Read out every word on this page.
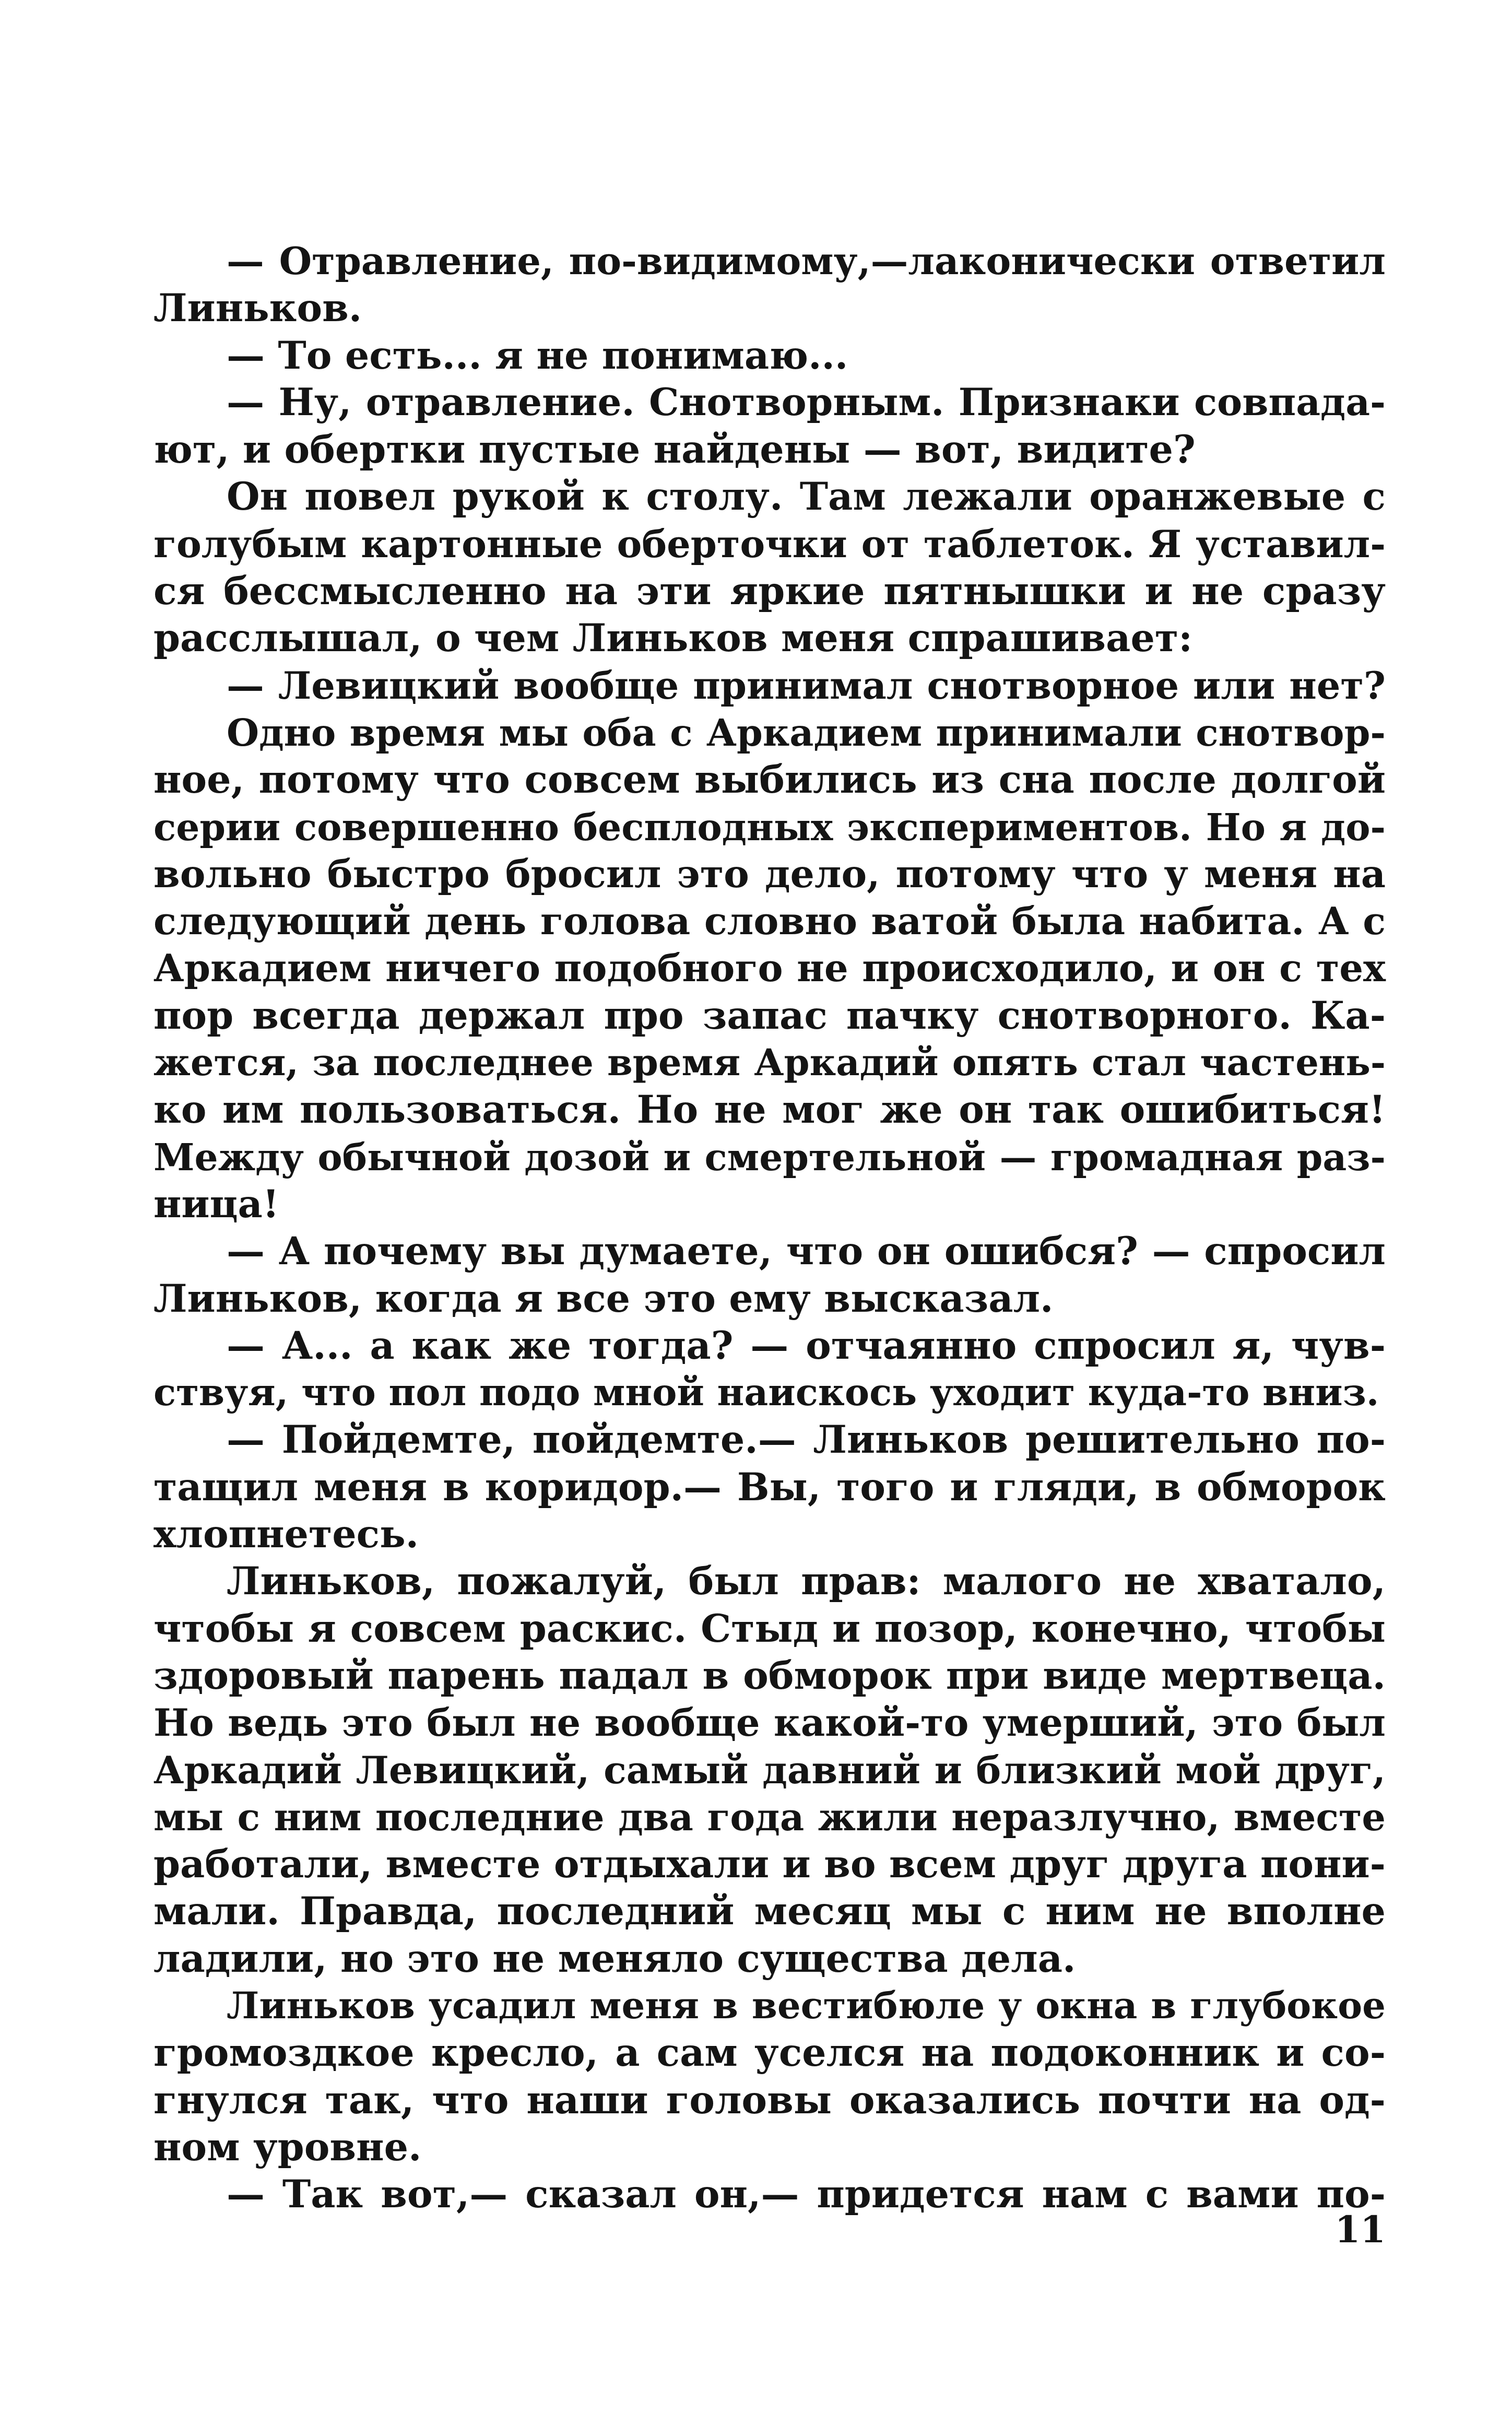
— Отравление, по-видимому,—лаконически ответил
Линьков.
— То есть... я не понимаю...
— Ну, отравление. Снотворным. Признаки совпада-
ют, и обертки пустые найдены — вот, видите?
Он повел рукой к столу. Там лежали оранжевые с
голубым картонные оберточки от таблеток. Я уставил-
ся бессмысленно на эти яркие пятнышки и не сразу
расслышал, о чем Линьков меня спрашивает:
— Левицкий вообще принимал снотворное или нет?
Одно время мы оба с Аркадием принимали снотвор-
ное, потому что совсем выбились из сна после долгой
серии совершенно бесплодных экспериментов. Но я до-
вольно быстро бросил это дело, потому что у меня на
следующий день голова словно ватой была набита. А с
Аркадием ничего подобного не происходило, и он с тех
пор всегда держал про запас пачку снотворного. Ка-
жется, за последнее время Аркадий опять стал частень-
ко им пользоваться. Но не мог же он так ошибиться!
Между обычной дозой и смертельной — громадная раз-
ница!
— А почему вы думаете, что он ошибся? — спросил
Линьков, когда я все это ему высказал.
— А... а как же тогда? — отчаянно спросил я, чув-
ствуя, что пол подо мной наискось уходит куда-то вниз.
— Пойдемте, пойдемте.— Линьков решительно по-
тащил меня в коридор.— Вы, того и гляди, в обморок
хлопнетесь.
Линьков, пожалуй, был прав: малого не хватало,
чтобы я совсем раскис. Стыд и позор, конечно, чтобы
здоровый парень падал в обморок при виде мертвеца.
Но ведь это был не вообще какой-то умерший, это был
Аркадий Левицкий, самый давний и близкий мой друг,
мы с ним последние два года жили неразлучно, вместе
работали, вместе отдыхали и во всем друг друга пони-
мали. Правда, последний месяц мы с ним не вполне
ладили, но это не меняло существа дела.
Линьков усадил меня в вестибюле у окна в глубокое
громоздкое кресло, а сам уселся на подоконник и со-
гнулся так, что наши головы оказались почти на од-
ном уровне.
— Так вот,— сказал он,— придется нам с вами по-
11
